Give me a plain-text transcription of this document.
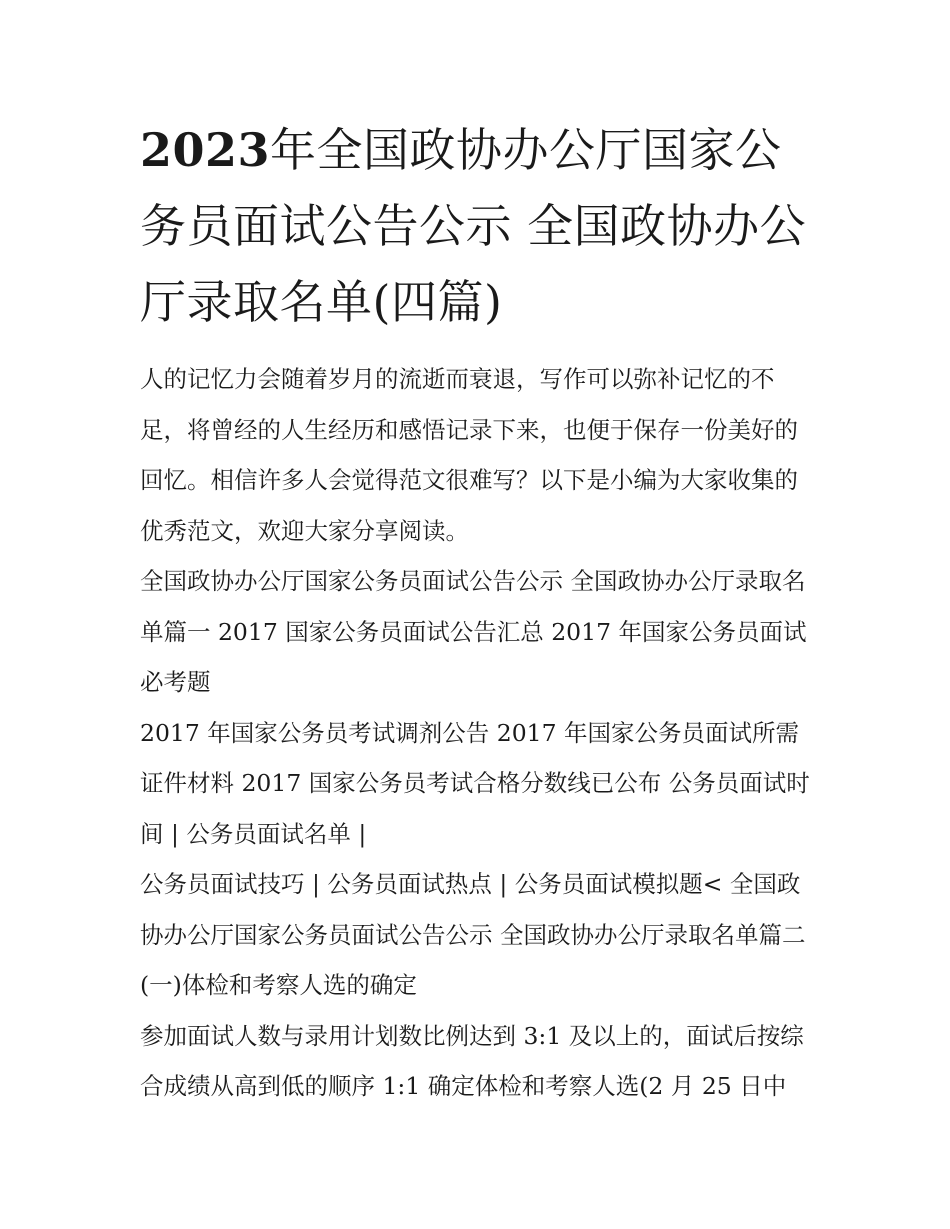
2023年全国政协办公厅国家公务员面试公告公示 全国政协办公厅录取名单(四篇)

人的记忆力会随着岁月的流逝而衰退，写作可以弥补记忆的不足，将曾经的人生经历和感悟记录下来，也便于保存一份美好的回忆。相信许多人会觉得范文很难写？以下是小编为大家收集的优秀范文，欢迎大家分享阅读。

全国政协办公厅国家公务员面试公告公示 全国政协办公厅录取名单篇一 2017 国家公务员面试公告汇总 2017 年国家公务员面试必考题

2017 年国家公务员考试调剂公告 2017 年国家公务员面试所需证件材料 2017 国家公务员考试合格分数线已公布 公务员面试时间 | 公务员面试名单 |

公务员面试技巧 | 公务员面试热点 | 公务员面试模拟题< 全国政协办公厅国家公务员面试公告公示 全国政协办公厅录取名单篇二 (一)体检和考察人选的确定

参加面试人数与录用计划数比例达到 3:1 及以上的，面试后按综合成绩从高到低的顺序 1:1 确定体检和考察人选(2 月 25 日中
